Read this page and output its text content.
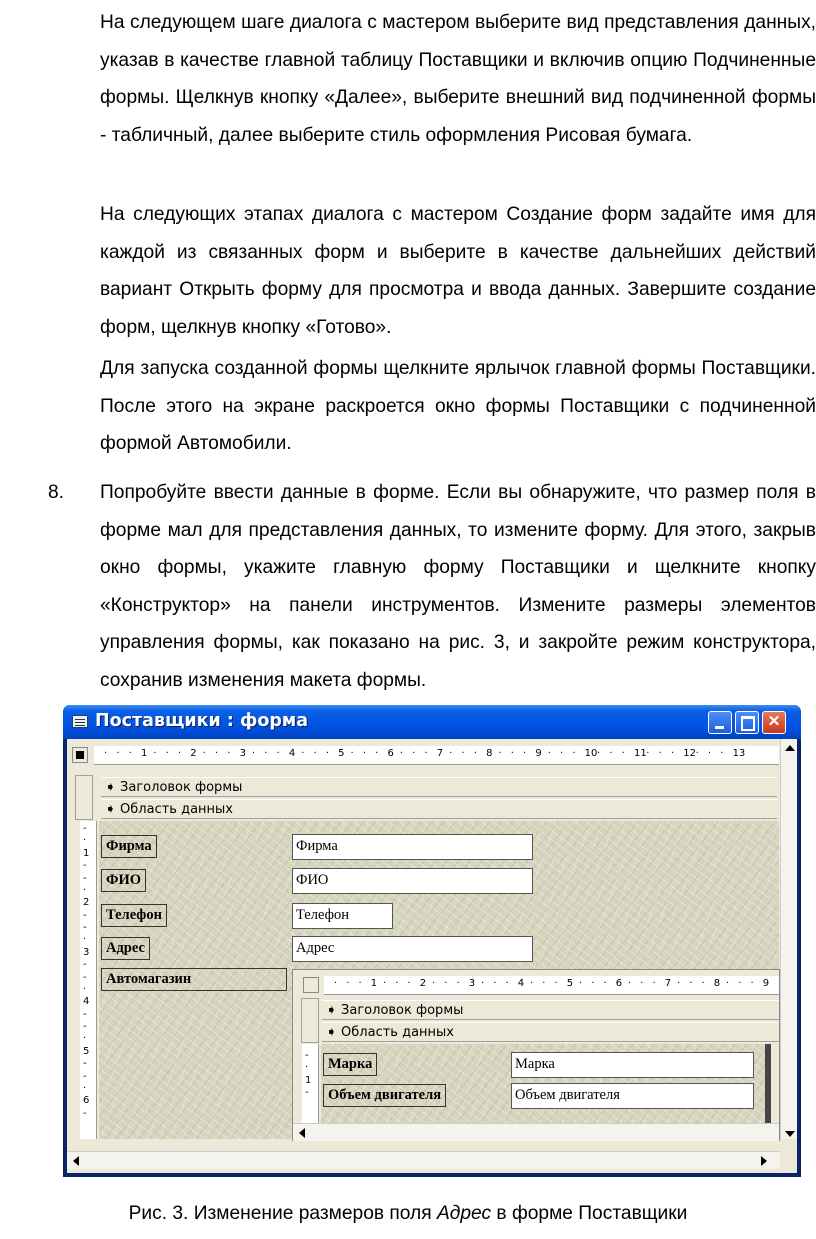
На следующем шаге диалога с мастером выберите вид представления данных, указав в качестве главной таблицу Поставщики и включив опцию Подчиненные формы. Щелкнув кнопку «Далее», выберите внешний вид подчиненной формы - табличный, далее выберите стиль оформления Рисовая бумага.

На следующих этапах диалога с мастером Создание форм задайте имя для каждой из связанных форм и выберите в качестве дальнейших действий вариант Открыть форму для просмотра и ввода данных. Завершите создание форм, щелкнув кнопку «Готово».

Для запуска созданной формы щелкните ярлычок главной формы Поставщики. После этого на экране раскроется окно формы Поставщики с подчиненной формой Автомобили.

8. Попробуйте ввести данные в форме. Если вы обнаружите, что размер поля в форме мал для представления данных, то измените форму. Для этого, закрыв окно формы, укажите главную форму Поставщики и щелкните кнопку «Конструктор» на панели инструментов. Измените размеры элементов управления формы, как показано на рис. 3, и закройте режим конструктора, сохранив изменения макета формы.

Поставщики : форма	✕
· · · 1 · · · 2 · · · 3 · · · 4 · · · 5 · · · 6 · · · 7 · · · 8 · · · 9 · · · 10 · · · 11 · · · 12 · · · 13
➧ Заголовок формы
➧ Область данных
-
·
1
-
-
·
2
-
-
·
3
-
-
·
4
-
-
·
5
-
-
·
6
-
Фирма	Фирма
ФИО	ФИО
Телефон	Телефон
Адрес	Адрес
Автомагазин	· · · 1 · · · 2 · · · 3 · · · 4 · · · 5 · · · 6 · · · 7 · · · 8 · · · 9
➧ Заголовок формы
➧ Область данных
-
·
1
-
Марка	Марка
Объем двигателя	Объем двигателя
Рис. 3. Изменение размеров поля Адрес в форме Поставщики
